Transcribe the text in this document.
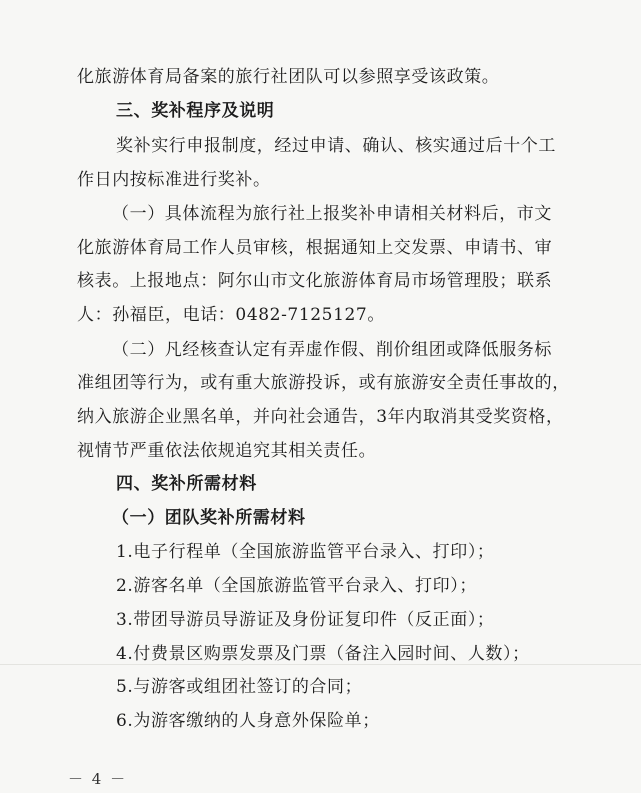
化旅游体育局备案的旅行社团队可以参照享受该政策。
三、奖补程序及说明
奖补实行申报制度，经过申请、确认、核实通过后十个工
作日内按标准进行奖补。
（一）具体流程为旅行社上报奖补申请相关材料后，市文
化旅游体育局工作人员审核，根据通知上交发票、申请书、审
核表。上报地点：阿尔山市文化旅游体育局市场管理股；联系
人：孙福臣，电话：0482-7125127。
（二）凡经核查认定有弄虚作假、削价组团或降低服务标
准组团等行为，或有重大旅游投诉，或有旅游安全责任事故的，
纳入旅游企业黑名单，并向社会通告，3年内取消其受奖资格，
视情节严重依法依规追究其相关责任。
四、奖补所需材料
（一）团队奖补所需材料
1.电子行程单（全国旅游监管平台录入、打印）；
2.游客名单（全国旅游监管平台录入、打印）；
3.带团导游员导游证及身份证复印件（反正面）；
4.付费景区购票发票及门票（备注入园时间、人数）；
5.与游客或组团社签订的合同；
6.为游客缴纳的人身意外保险单；
－ 4 －
